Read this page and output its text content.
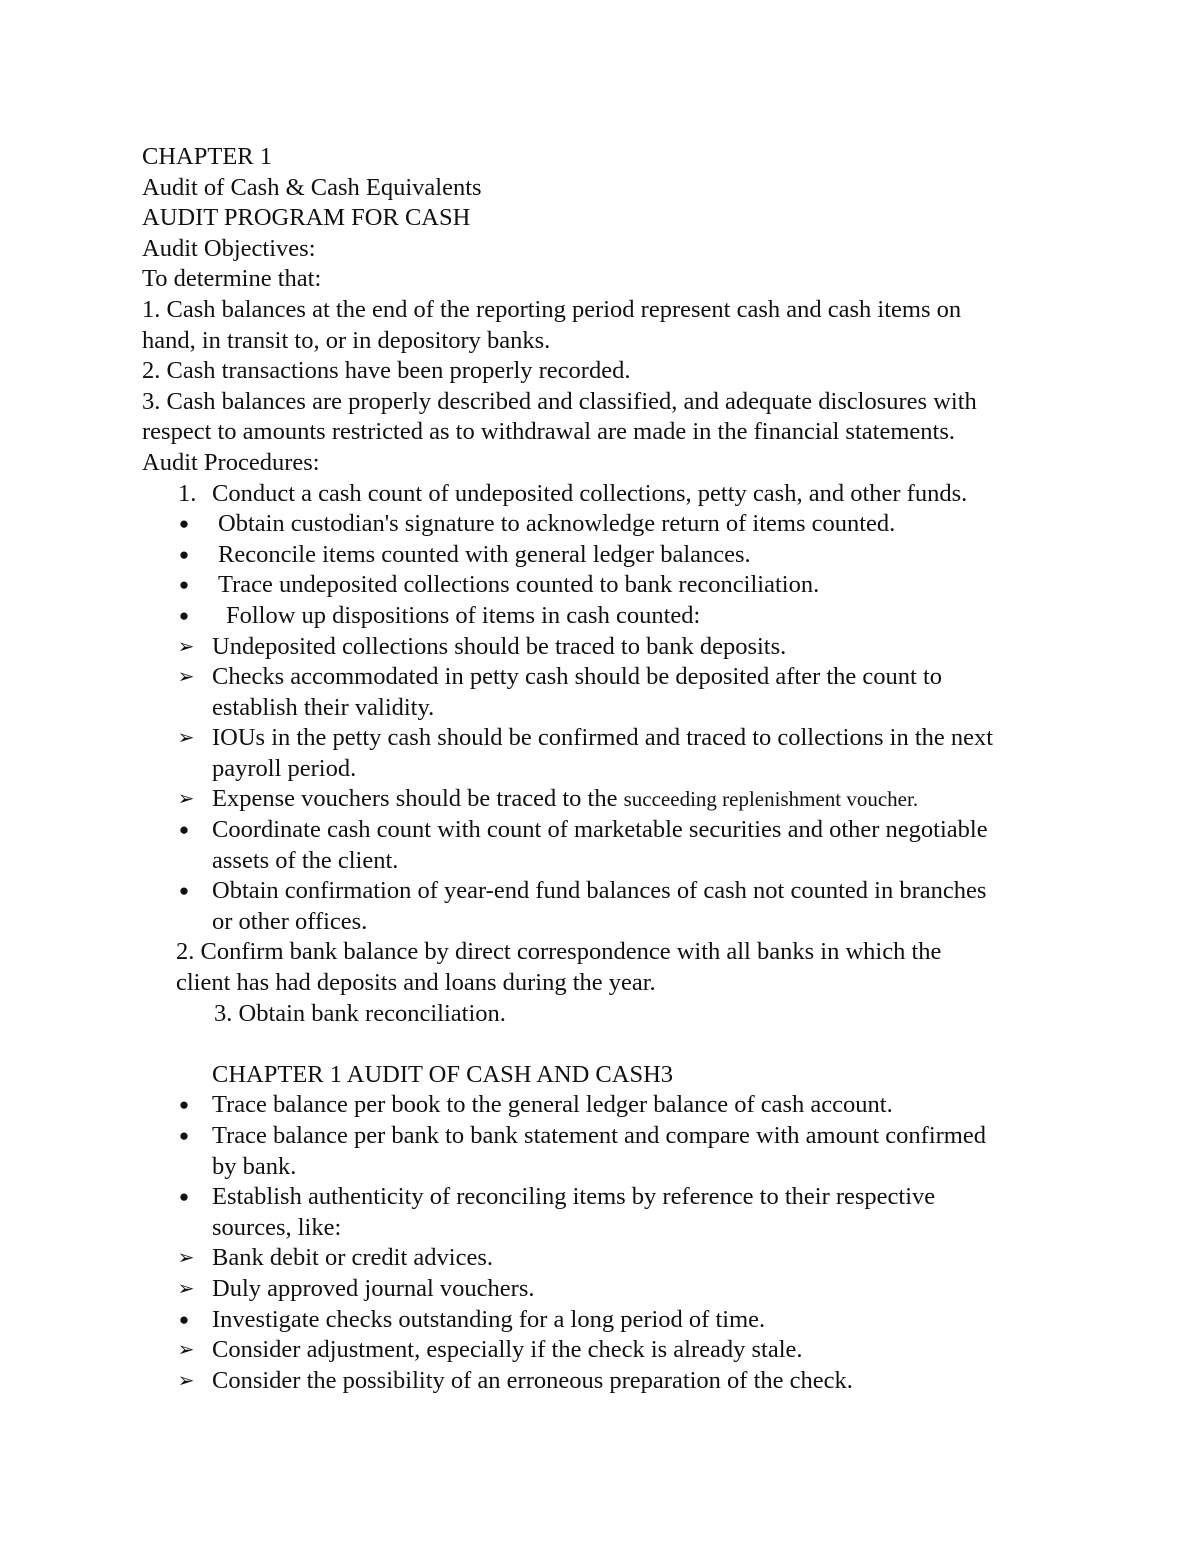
CHAPTER 1
Audit of Cash & Cash Equivalents
AUDIT PROGRAM FOR CASH
Audit Objectives:
To determine that:
1. Cash balances at the end of the reporting period represent cash and cash items on
hand, in transit to, or in depository banks.
2. Cash transactions have been properly recorded.
3. Cash balances are properly described and classified, and adequate disclosures with
respect to amounts restricted as to withdrawal are made in the financial statements.
Audit Procedures:
1. Conduct a cash count of undeposited collections, petty cash, and other funds.
● Obtain custodian's signature to acknowledge return of items counted.
● Reconcile items counted with general ledger balances.
● Trace undeposited collections counted to bank reconciliation.
● Follow up dispositions of items in cash counted:
➢ Undeposited collections should be traced to bank deposits.
➢ Checks accommodated in petty cash should be deposited after the count to
establish their validity.
➢ IOUs in the petty cash should be confirmed and traced to collections in the next
payroll period.
➢ Expense vouchers should be traced to the succeeding replenishment voucher.
● Coordinate cash count with count of marketable securities and other negotiable
assets of the client.
● Obtain confirmation of year-end fund balances of cash not counted in branches
or other offices.
2. Confirm bank balance by direct correspondence with all banks in which the
client has had deposits and loans during the year.
3. Obtain bank reconciliation.
CHAPTER 1 AUDIT OF CASH AND CASH3
● Trace balance per book to the general ledger balance of cash account.
● Trace balance per bank to bank statement and compare with amount confirmed
by bank.
● Establish authenticity of reconciling items by reference to their respective
sources, like:
➢ Bank debit or credit advices.
➢ Duly approved journal vouchers.
● Investigate checks outstanding for a long period of time.
➢ Consider adjustment, especially if the check is already stale.
➢ Consider the possibility of an erroneous preparation of the check.
